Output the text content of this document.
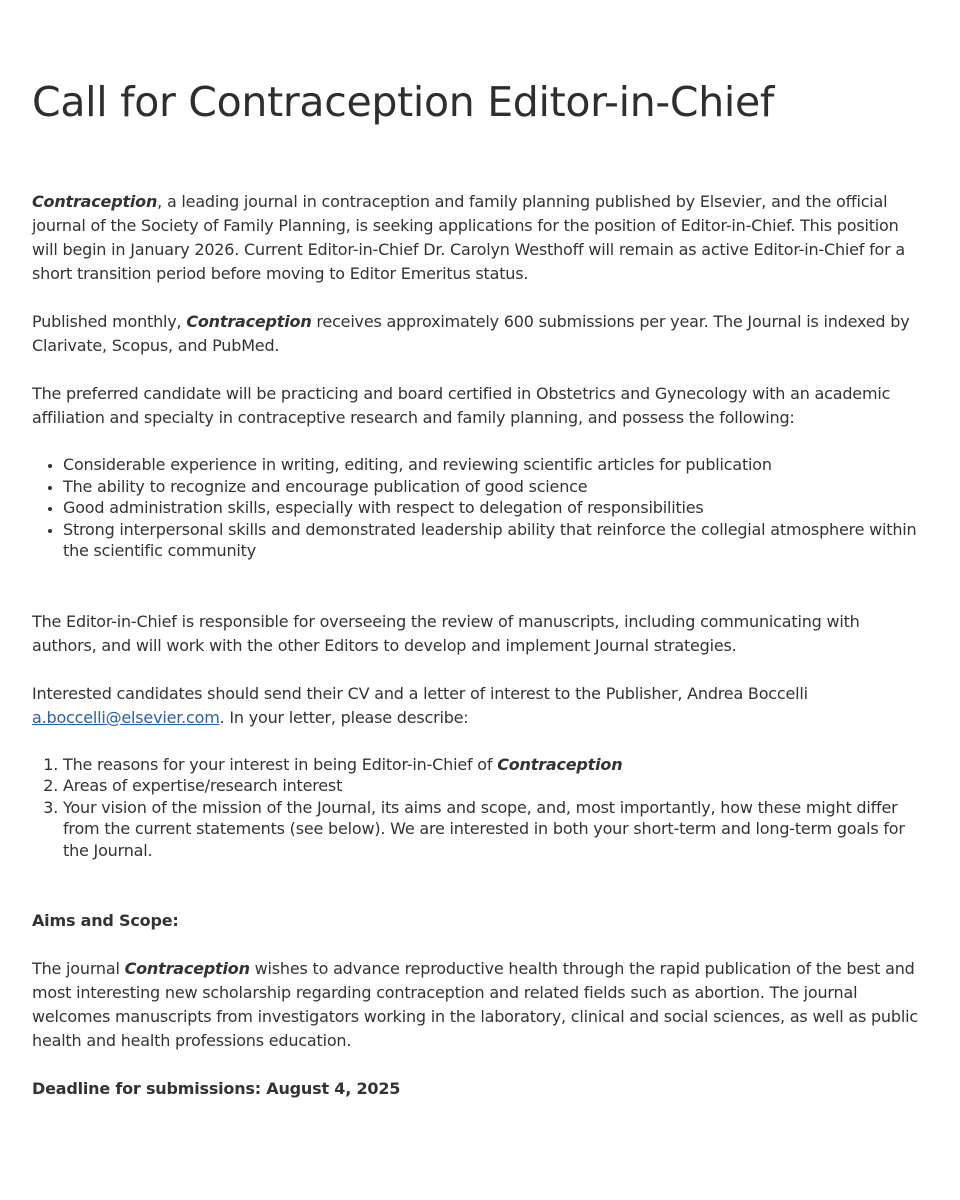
Call for Contraception Editor-in-Chief

Contraception, a leading journal in contraception and family planning published by Elsevier, and the official journal of the Society of Family Planning, is seeking applications for the position of Editor-in-Chief. This position will begin in January 2026. Current Editor-in-Chief Dr. Carolyn Westhoff will remain as active Editor-in-Chief for a short transition period before moving to Editor Emeritus status.

Published monthly, Contraception receives approximately 600 submissions per year. The Journal is indexed by Clarivate, Scopus, and PubMed.

The preferred candidate will be practicing and board certified in Obstetrics and Gynecology with an academic affiliation and specialty in contraceptive research and family planning, and possess the following:

• Considerable experience in writing, editing, and reviewing scientific articles for publication
• The ability to recognize and encourage publication of good science
• Good administration skills, especially with respect to delegation of responsibilities
• Strong interpersonal skills and demonstrated leadership ability that reinforce the collegial atmosphere within the scientific community

The Editor-in-Chief is responsible for overseeing the review of manuscripts, including communicating with authors, and will work with the other Editors to develop and implement Journal strategies.

Interested candidates should send their CV and a letter of interest to the Publisher, Andrea Boccelli a.boccelli@elsevier.com. In your letter, please describe:

1. The reasons for your interest in being Editor-in-Chief of Contraception
2. Areas of expertise/research interest
3. Your vision of the mission of the Journal, its aims and scope, and, most importantly, how these might differ from the current statements (see below). We are interested in both your short-term and long-term goals for the Journal.

Aims and Scope:

The journal Contraception wishes to advance reproductive health through the rapid publication of the best and most interesting new scholarship regarding contraception and related fields such as abortion. The journal welcomes manuscripts from investigators working in the laboratory, clinical and social sciences, as well as public health and health professions education.

Deadline for submissions: August 4, 2025
